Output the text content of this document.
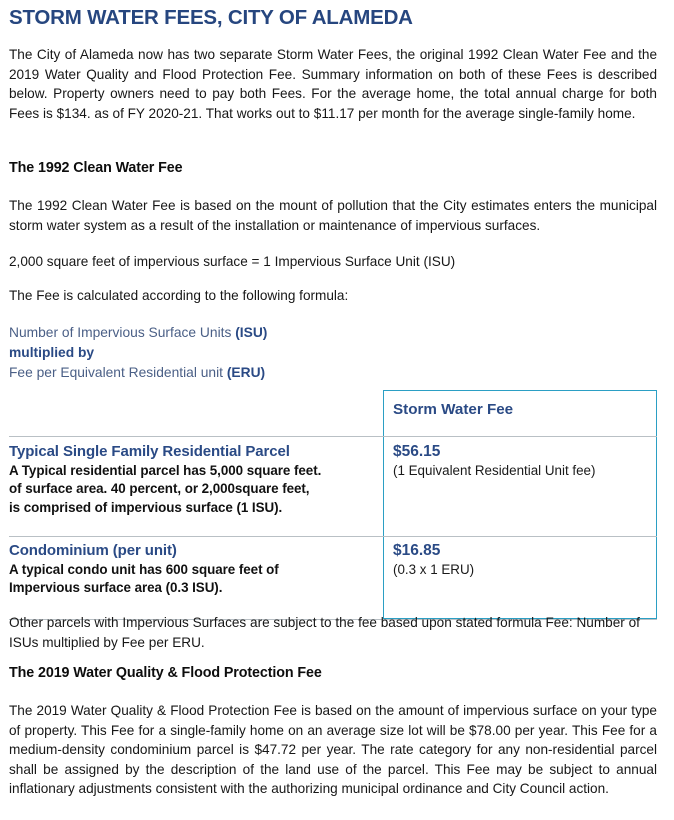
STORM WATER FEES, CITY OF ALAMEDA

The City of Alameda now has two separate Storm Water Fees, the original 1992 Clean Water Fee and the 2019 Water Quality and Flood Protection Fee. Summary information on both of these Fees is described below. Property owners need to pay both Fees. For the average home, the total annual charge for both Fees is $134. as of FY 2020-21. That works out to $11.17 per month for the average single-family home.

The 1992 Clean Water Fee

The 1992 Clean Water Fee is based on the mount of pollution that the City estimates enters the municipal storm water system as a result of the installation or maintenance of impervious surfaces.

2,000 square feet of impervious surface = 1 Impervious Surface Unit (ISU)

The Fee is calculated according to the following formula:

Number of Impervious Surface Units (ISU)
multiplied by
Fee per Equivalent Residential unit (ERU)
Storm Water Fee
Typical Single Family Residential Parcel
A Typical residential parcel has 5,000 square feet.
of surface area. 40 percent, or 2,000square feet,
is comprised of impervious surface (1 ISU).
$56.15
(1 Equivalent Residential Unit fee)
Condominium (per unit)
A typical condo unit has 600 square feet of
Impervious surface area (0.3 ISU).
$16.85
(0.3 x 1 ERU)

Other parcels with Impervious Surfaces are subject to the fee based upon stated formula Fee: Number of ISUs multiplied by Fee per ERU.

The 2019 Water Quality & Flood Protection Fee

The 2019 Water Quality & Flood Protection Fee is based on the amount of impervious surface on your type of property. This Fee for a single-family home on an average size lot will be $78.00 per year. This Fee for a medium-density condominium parcel is $47.72 per year. The rate category for any non-residential parcel shall be assigned by the description of the land use of the parcel. This Fee may be subject to annual inflationary adjustments consistent with the authorizing municipal ordinance and City Council action.
